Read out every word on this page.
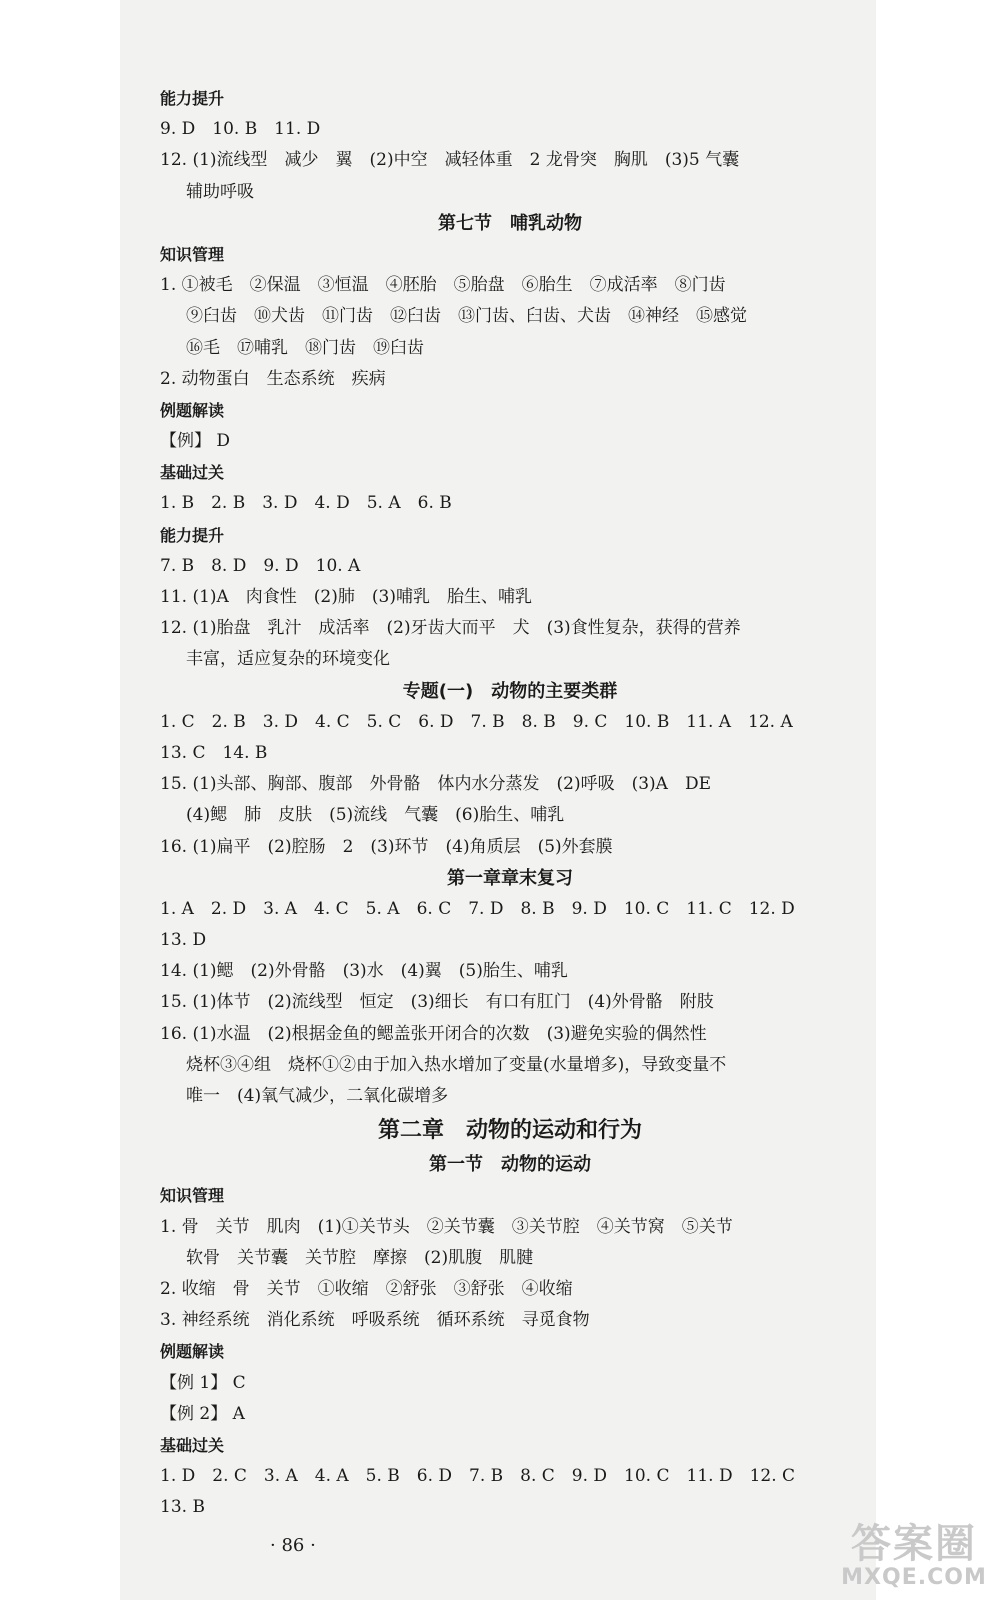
能力提升
9. D　10. B　11. D
12. (1)流线型　减少　翼　(2)中空　减轻体重　2 龙骨突　胸肌　(3)5 气囊
辅助呼吸
第七节　哺乳动物
知识管理
1. ①被毛　②保温　③恒温　④胚胎　⑤胎盘　⑥胎生　⑦成活率　⑧门齿
⑨臼齿　⑩犬齿　⑪门齿　⑫臼齿　⑬门齿、臼齿、犬齿　⑭神经　⑮感觉
⑯毛　⑰哺乳　⑱门齿　⑲臼齿
2. 动物蛋白　生态系统　疾病
例题解读
【例】 D
基础过关
1. B　2. B　3. D　4. D　5. A　6. B
能力提升
7. B　8. D　9. D　10. A
11. (1)A　肉食性　(2)肺　(3)哺乳　胎生、哺乳
12. (1)胎盘　乳汁　成活率　(2)牙齿大而平　犬　(3)食性复杂，获得的营养
丰富，适应复杂的环境变化
专题(一)　动物的主要类群
1. C　2. B　3. D　4. C　5. C　6. D　7. B　8. B　9. C　10. B　11. A　12. A
13. C　14. B
15. (1)头部、胸部、腹部　外骨骼　体内水分蒸发　(2)呼吸　(3)A　DE
(4)鳃　肺　皮肤　(5)流线　气囊　(6)胎生、哺乳
16. (1)扁平　(2)腔肠　2　(3)环节　(4)角质层　(5)外套膜
第一章章末复习
1. A　2. D　3. A　4. C　5. A　6. C　7. D　8. B　9. D　10. C　11. C　12. D
13. D
14. (1)鳃　(2)外骨骼　(3)水　(4)翼　(5)胎生、哺乳
15. (1)体节　(2)流线型　恒定　(3)细长　有口有肛门　(4)外骨骼　附肢
16. (1)水温　(2)根据金鱼的鳃盖张开闭合的次数　(3)避免实验的偶然性
烧杯③④组　烧杯①②由于加入热水增加了变量(水量增多)，导致变量不
唯一　(4)氧气减少，二氧化碳增多
第二章　动物的运动和行为
第一节　动物的运动
知识管理
1. 骨　关节　肌肉　(1)①关节头　②关节囊　③关节腔　④关节窝　⑤关节
软骨　关节囊　关节腔　摩擦　(2)肌腹　肌腱
2. 收缩　骨　关节　①收缩　②舒张　③舒张　④收缩
3. 神经系统　消化系统　呼吸系统　循环系统　寻觅食物
例题解读
【例 1】 C
【例 2】 A
基础过关
1. D　2. C　3. A　4. A　5. B　6. D　7. B　8. C　9. D　10. C　11. D　12. C
13. B
· 86 ·	答案圈
MXQE.COM
